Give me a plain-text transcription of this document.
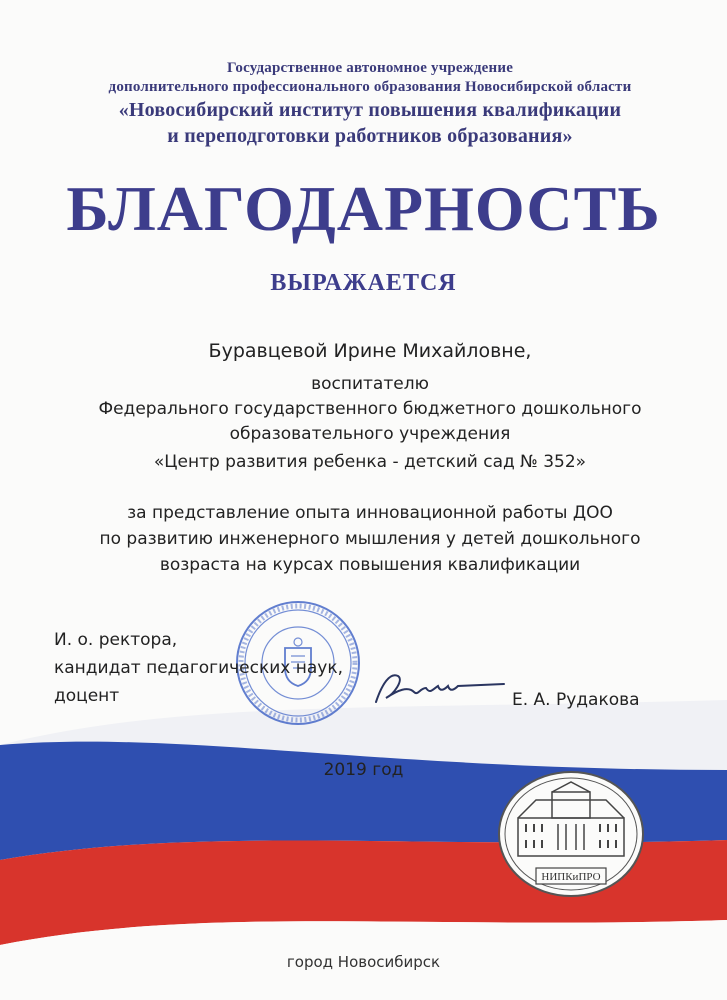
Государственное автономное учреждение
дополнительного профессионального образования Новосибирской области
«Новосибирский институт повышения квалификации
и переподготовки работников образования»
БЛАГОДАРНОСТЬ
ВЫРАЖАЕТСЯ
Буравцевой Ирине Михайловне,
воспитателю
Федерального государственного бюджетного дошкольного
образовательного учреждения
«Центр развития ребенка - детский сад № 352»
за представление опыта инновационной работы ДОО
по развитию инженерного мышления у детей дошкольного
возраста на курсах повышения квалификации
И. о. ректора,
кандидат педагогических наук,
доцент	Е. А. Рудакова
2019 год
НИПКиПРО
город Новосибирск
